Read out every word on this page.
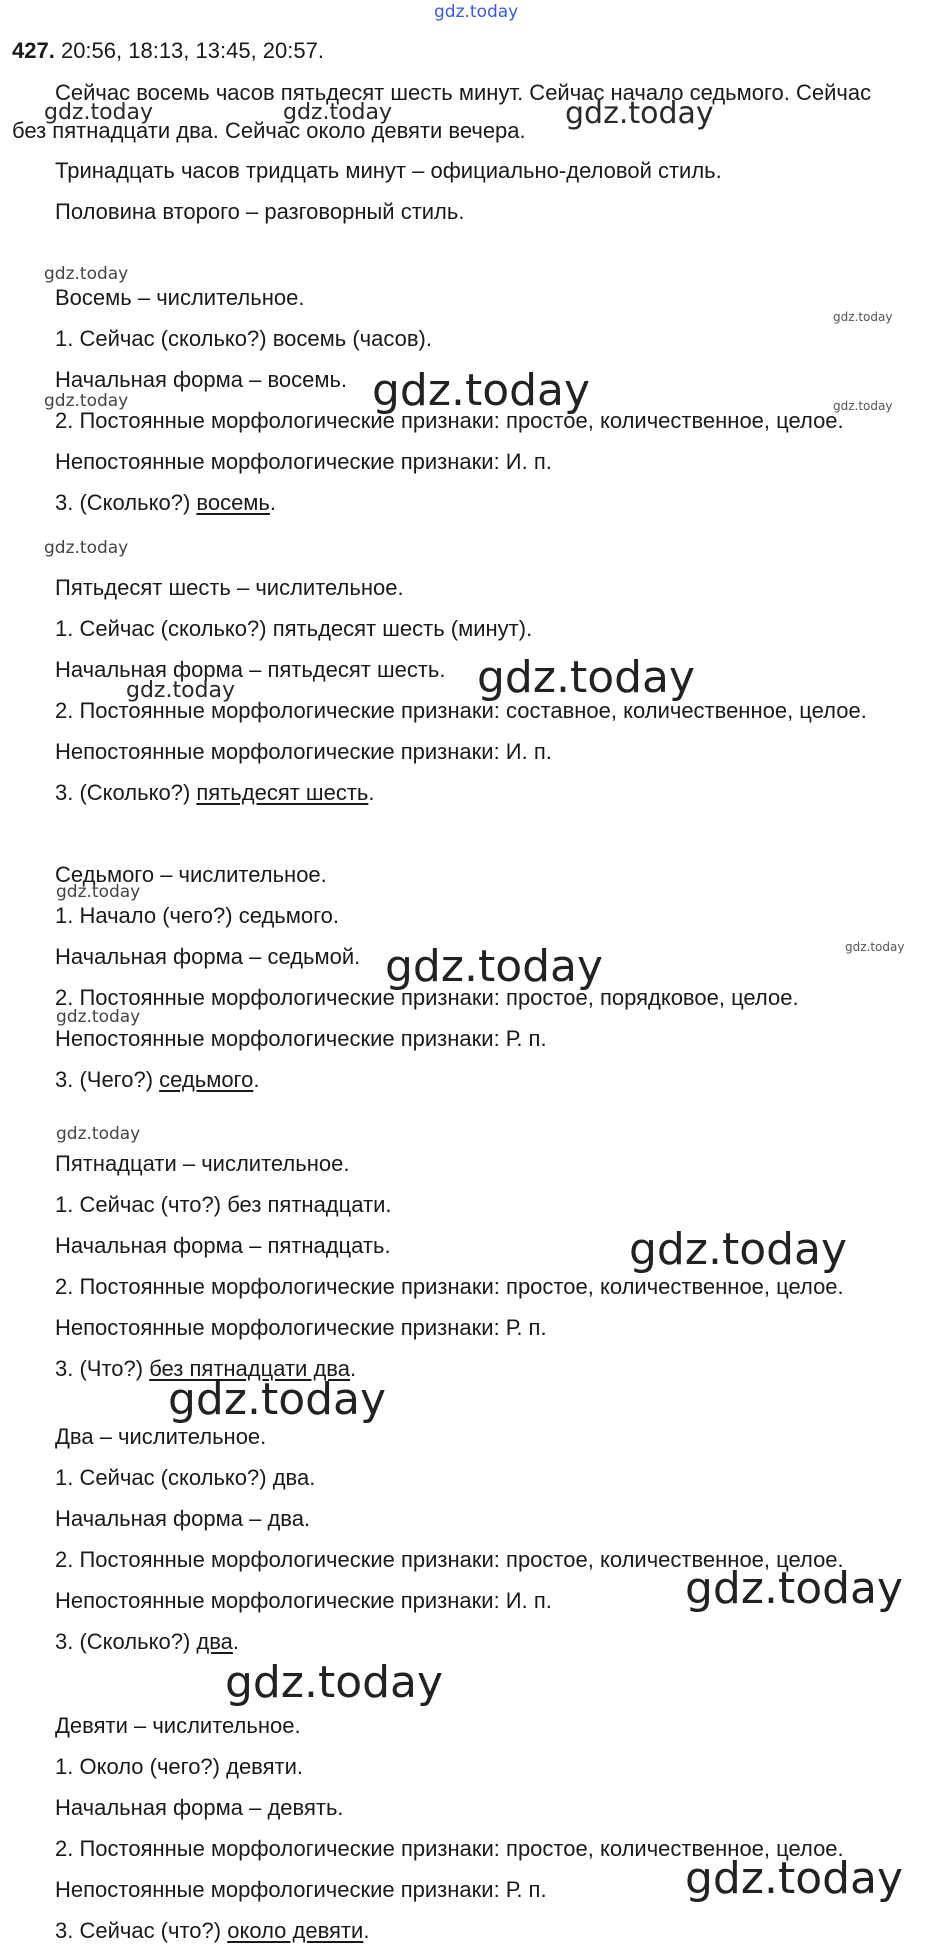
gdz.today
427. 20:56, 18:13, 13:45, 20:57.
Сейчас восемь часов пятьдесят шесть минут. Сейчас начало седьмого. Сейчас
без пятнадцати два. Сейчас около девяти вечера.
Тринадцать часов тридцать минут – официально-деловой стиль.
Половина второго – разговорный стиль.
Восемь – числительное.
1. Сейчас (сколько?) восемь (часов).
Начальная форма – восемь.
2. Постоянные морфологические признаки: простое, количественное, целое.
Непостоянные морфологические признаки: И. п.
3. (Сколько?) восемь.
Пятьдесят шесть – числительное.
1. Сейчас (сколько?) пятьдесят шесть (минут).
Начальная форма – пятьдесят шесть.
2. Постоянные морфологические признаки: составное, количественное, целое.
Непостоянные морфологические признаки: И. п.
3. (Сколько?) пятьдесят шесть.
Седьмого – числительное.
1. Начало (чего?) седьмого.
Начальная форма – седьмой.
2. Постоянные морфологические признаки: простое, порядковое, целое.
Непостоянные морфологические признаки: Р. п.
3. (Чего?) седьмого.
Пятнадцати – числительное.
1. Сейчас (что?) без пятнадцати.
Начальная форма – пятнадцать.
2. Постоянные морфологические признаки: простое, количественное, целое.
Непостоянные морфологические признаки: Р. п.
3. (Что?) без пятнадцати два.
Два – числительное.
1. Сейчас (сколько?) два.
Начальная форма – два.
2. Постоянные морфологические признаки: простое, количественное, целое.
Непостоянные морфологические признаки: И. п.
3. (Сколько?) два.
Девяти – числительное.
1. Около (чего?) девяти.
Начальная форма – девять.
2. Постоянные морфологические признаки: простое, количественное, целое.
Непостоянные морфологические признаки: Р. п.
3. Сейчас (что?) около девяти.
gdz.today	gdz.today	gdz.today
gdz.today
gdz.today
gdz.today
gdz.today	gdz.today
gdz.today
gdz.today
gdz.today
gdz.today
gdz.today
gdz.today
gdz.today
gdz.today
gdz.today
gdz.today
gdz.today
gdz.today
gdz.today
